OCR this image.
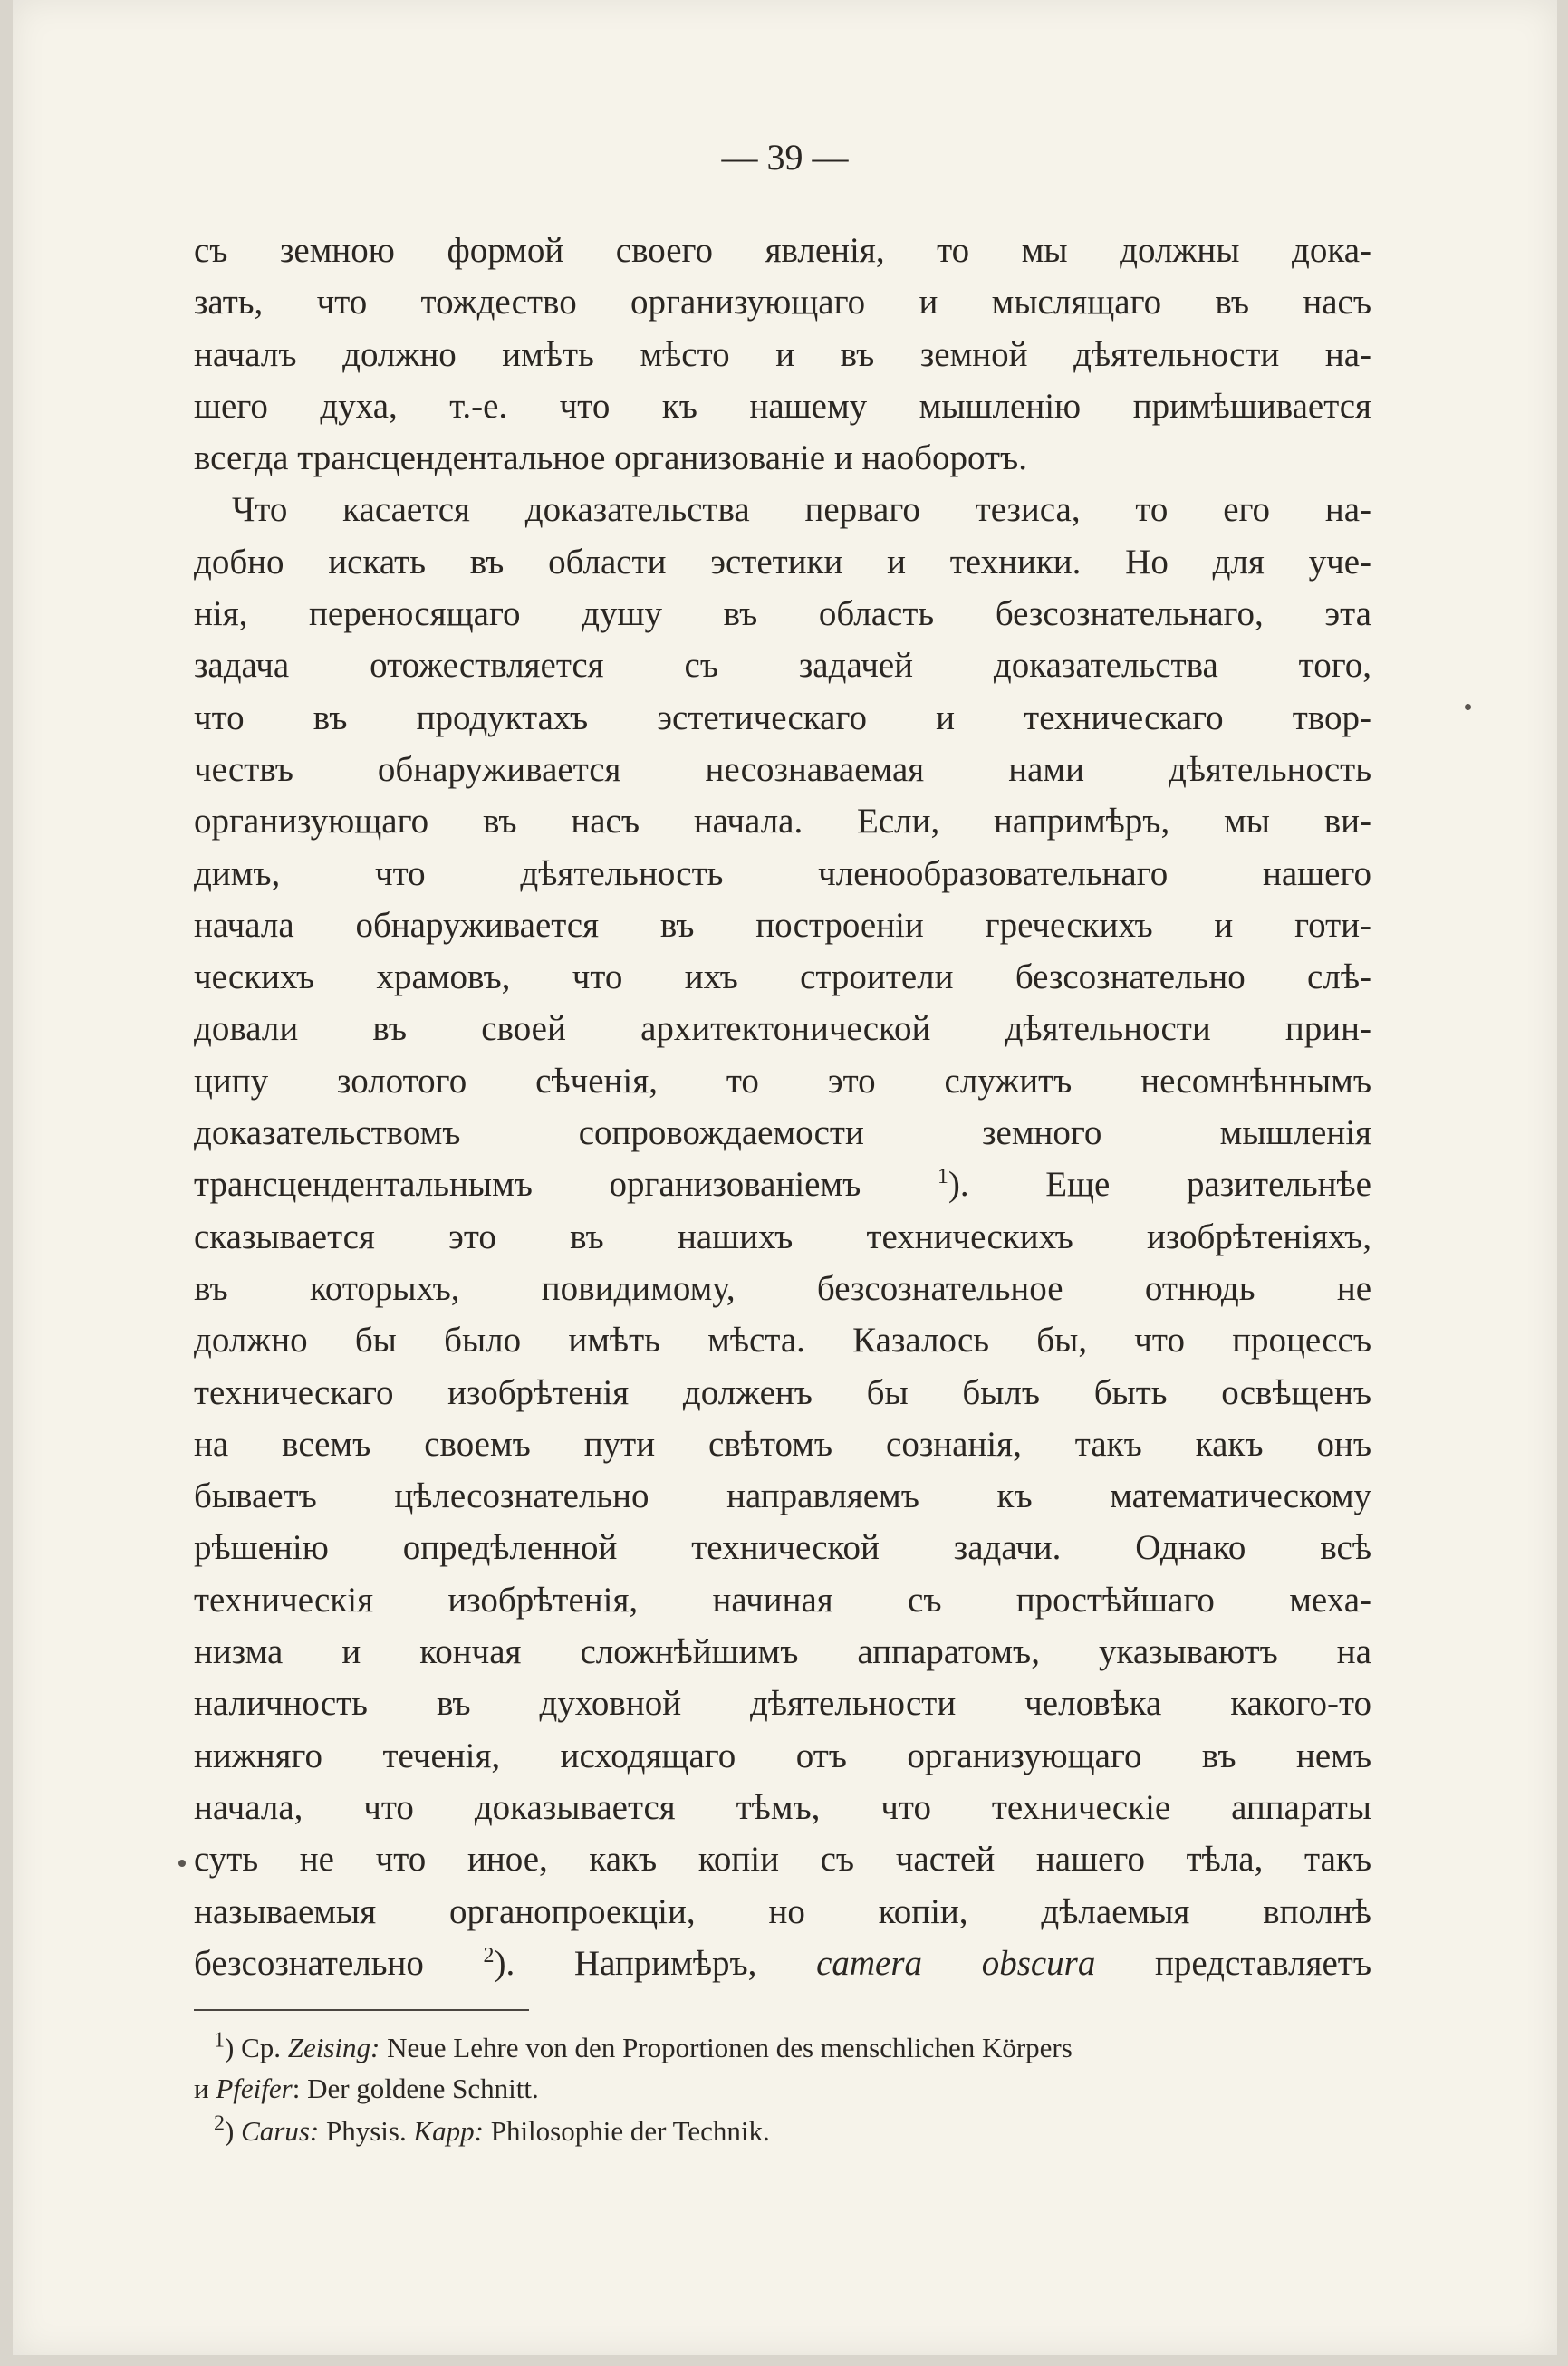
— 39 —
съ земною формой своего явленія, то мы должны дока-
зать, что тождество организующаго и мыслящаго въ насъ
началъ должно имѣть мѣсто и въ земной дѣятельности на-
шего духа, т.-е. что къ нашему мышленію примѣшивается
всегда трансцендентальное организованіе и наоборотъ.
Что касается доказательства перваго тезиса, то его на-
добно искать въ области эстетики и техники. Но для уче-
нія, переносящаго душу въ область безсознательнаго, эта
задача отожествляется съ задачей доказательства того,
что въ продуктахъ эстетическаго и техническаго твор-
чествъ обнаруживается несознаваемая нами дѣятельность
организующаго въ насъ начала. Если, напримѣръ, мы ви-
димъ, что дѣятельность членообразовательнаго нашего
начала обнаруживается въ построеніи греческихъ и готи-
ческихъ храмовъ, что ихъ строители безсознательно слѣ-
довали въ своей архитектонической дѣятельности прин-
ципу золотого сѣченія, то это служитъ несомнѣннымъ
доказательствомъ сопровождаемости земного мышленія
трансцендентальнымъ организованіемъ	$^1$). Еще разительнѣе
сказывается это въ нашихъ техническихъ изобрѣтеніяхъ,
въ которыхъ, повидимому, безсознательное отнюдь не
должно бы было имѣть мѣста. Казалось бы, что процессъ
техническаго изобрѣтенія долженъ бы былъ быть освѣщенъ
на всемъ своемъ пути свѣтомъ сознанія, такъ какъ онъ
бываетъ цѣлесознательно направляемъ къ математическому
рѣшенію опредѣленной технической задачи. Однако всѣ
техническія изобрѣтенія, начиная съ простѣйшаго меха-
низма и кончая сложнѣйшимъ аппаратомъ, указываютъ на
наличность въ духовной дѣятельности человѣка какого-то
нижняго теченія, исходящаго отъ организующаго въ немъ
начала, что доказывается тѣмъ, что техническіе аппараты
суть не что иное, какъ копіи съ частей нашего тѣла, такъ
называемыя органопроекціи, но копіи, дѣлаемыя вполнѣ
безсознательно	$^2$). Напримѣръ, camera obscura представляетъ
$^1$) Cp. Zeising: Neue Lehre von den Proportionen des menschlichen Körpers
и Pfeifer: Der goldene Schnitt.
$^2$) Carus: Physis. Kapp: Philosophie der Technik.
